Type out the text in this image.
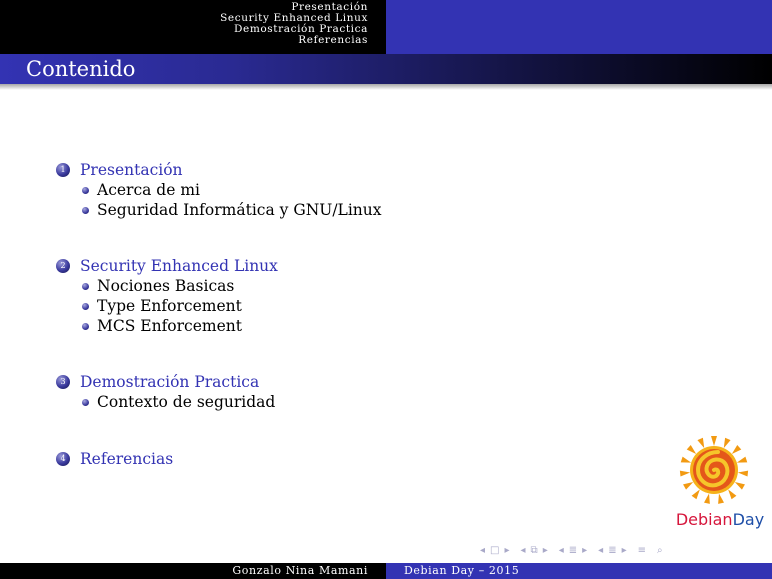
Presentación
Security Enhanced Linux
Demostración Practica
Referencias
Contenido
1 Presentación
Acerca de mi
Seguridad Informática y GNU/Linux
2 Security Enhanced Linux
Nociones Basicas
Type Enforcement
MCS Enforcement
3 Demostración Practica
Contexto de seguridad
4 Referencias
DebianDay
◂ □ ▸ ◂ ⧉ ▸ ◂ ≣ ▸ ◂ ≣ ▸ ≡ ⌕
Gonzalo Nina Mamani	Debian Day – 2015
